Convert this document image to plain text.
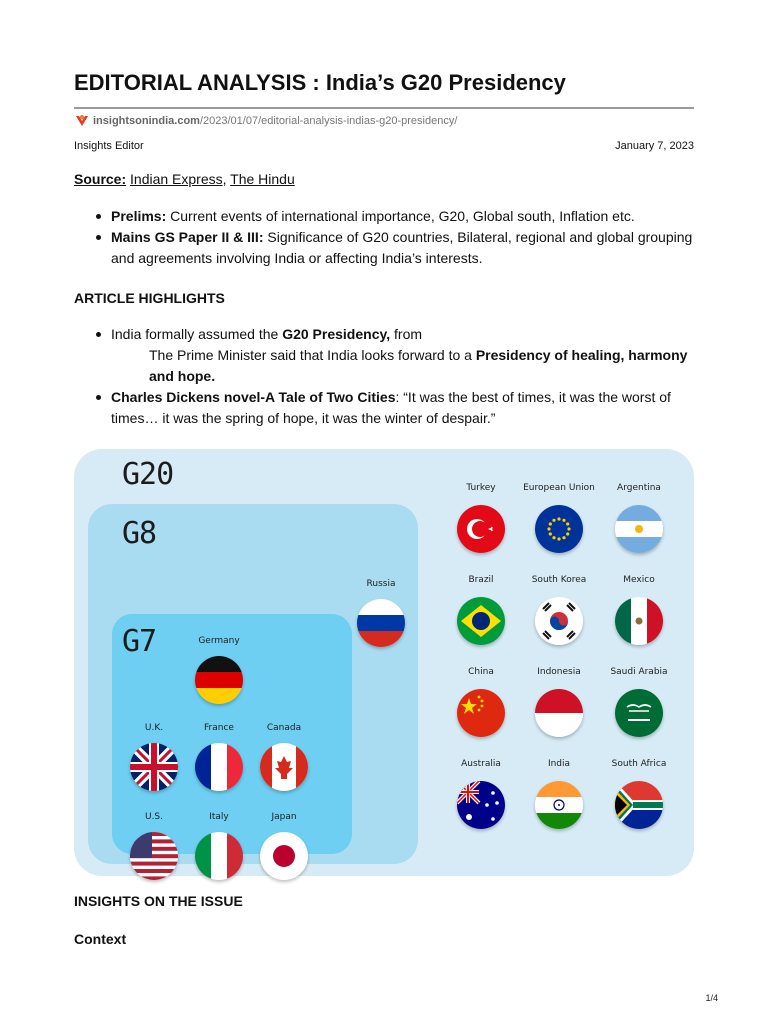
EDITORIAL ANALYSIS : India’s G20 Presidency
insightsonindia.com /2023/01/07/editorial-analysis-indias-g20-presidency/
Insights Editor	January 7, 2023
Source: Indian Express, The Hindu
Prelims: Current events of international importance, G20, Global south, Inflation etc.
Mains GS Paper II & III: Significance of G20 countries, Bilateral, regional and global grouping and agreements involving India or affecting India’s interests.
ARTICLE HIGHLIGHTS
India formally assumed the G20 Presidency, from
The Prime Minister said that India looks forward to a Presidency of healing, harmony and hope.
Charles Dickens novel-A Tale of Two Cities: “It was the best of times, it was the worst of times… it was the spring of hope, it was the winter of despair.”
G20
G8
G7	Germany
U.K.	France	Canada
U.S.	Italy	Japan
Russia
Turkey	European Union	Argentina
Brazil	South Korea	Mexico
China	Indonesia	Saudi Arabia
Australia	India	South Africa
INSIGHTS ON THE ISSUE
Context
1/4
